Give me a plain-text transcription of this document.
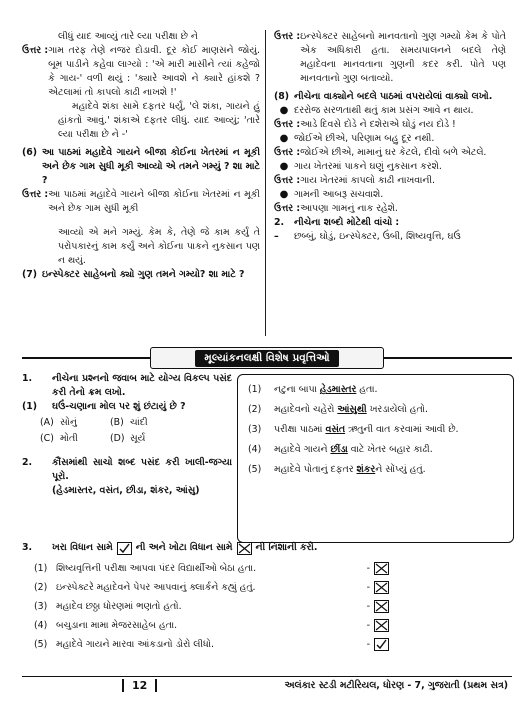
લીધું યાદ આવ્યું તારે લ્યા પરીક્ષા છે ને
ઉત્તર : ગામ તરફ તેણે નજર દોડાવી. દૂર કોઈ માણસને જોયું. બૂમ પાડીને કહેવા લાગ્યો : 'એ મારી માસીને ત્યાં કહેજો કે ગાય-' વળી થયું : 'ક્યારે આવશે ને ક્યારે હાંકશે ? એટલામાં તો કાપલો કાઢી નાખશે !'
મહાદેવે શંકા સામે દફતર ધર્યું, 'લે શંકા, ગાયને હું હાંકતો આવું.' શંકાએ દફતર લીધું. યાદ આવ્યું; 'તારે લ્યા પરીક્ષા છે ને -'
(6) આ પાઠમાં મહાદેવે ગાયને બીજા કોઈના ખેતરમાં ન મૂકી અને છેક ગામ સુધી મૂકી આવ્યો એ તમને ગમ્યું ? શા માટે ?
ઉત્તર : આ પાઠમાં મહાદેવે ગાયને બીજા કોઈના ખેતરમાં ન મૂકી અને છેક ગામ સુધી મૂકી
આવ્યો એ મને ગમ્યું. કેમ કે, તેણે જે કામ કર્યું તે પરોપકારનું કામ કર્યું અને કોઈના પાકને નુકસાન પણ ન થયું.
(7) ઇન્સ્પેક્ટર સાહેબનો ક્યો ગુણ તમને ગમ્યો? શા માટે ?
ઉત્તર : ઇન્સ્પેક્ટર સાહેબનો માનવતાનો ગુણ ગમ્યો કેમ કે પોતે એક અધિકારી હતા. સમયપાલનને બદલે તેણે મહાદેવના માનવતાના ગુણની કદર કરી. પોતે પણ માનવતાનો ગુણ બતાવ્યો.
(8) નીચેના વાક્યોને બદલે પાઠમાં વપરાયેલાં વાક્યો લખો.
● દરરોજ સરળતાથી થતું કામ પ્રસંગ આવે ન થાય.
ઉત્તર : આડે દિવસે દોડે ને દશેરાએ ઘોડું નય દોડે !
● જોઈએ છીએ, પરિણામ બહુ દૂર નથી.
ઉત્તર : જોઈએ છીએ, મામાનું ઘર કેટલે, દીવો બળે એટલે.
● ગાય ખેતરમાં પાકને ઘણું નુકસાન કરશે.
ઉત્તર : ગાય ખેતરમાં કાપલો કાઢી નાખવાની.
● ગામની આબરૂ સચવાશે.
ઉત્તર : આપણા ગામનું નાક રહેશે.
2.	નીચેના શબ્દો મોટેથી વાંચો :
–	છબ્બું, ઘોડું, ઇન્સ્પેક્ટર, ઉંબી, શિષ્યવૃત્તિ, ઘઉં
મૂલ્યાંકનલક્ષી વિશેષ પ્રવૃત્તિઓ
1.	નીચેના પ્રશ્નનો જવાબ માટે યોગ્ય વિકલ્પ પસંદ કરી તેનો ક્રમ લખો.
(1)	ઘઉં-ચણાના મોલ પર શું છંટાયું છે ?
(A) સોનું	(B) ચાંદી
(C) મોતી	(D) સૂર્ય
2.	કૌંસમાંથી સાચો શબ્દ પસંદ કરી ખાલી-જગ્યા પૂરો.
(હેડમાસ્તર, વસંત, છીડા, શંકર, આંસુ)
(1)	નટુના બાપા હેડમાસ્તર હતા.
(2)	મહાદેવનો ચહેરો આંસુથી ખરડાયેલો હતો.
(3)	પરીક્ષા પાઠમાં વસંત ઋતુની વાત કરવામાં આવી છે.
(4)	મહાદેવે ગાયને છીંડા વાટે ખેતર બહાર કાઢી.
(5)	મહાદેવે પોતાનું દફતર શંકરને સોંપ્યું હતું.
3.	ખરા વિધાન સામે ની અને ખોટા વિધાન સામે ની નિશાની કરો.
(1) શિષ્યવૃત્તિની પરીક્ષા આપવા પંદર વિદ્યાર્થીઓ બેઠા હતા.	-
(2) ઇન્સ્પેક્ટરે મહાદેવને પેપર આપવાનું ક્લાર્કને કહ્યું હતું.	-
(3) મહાદેવ છઠ્ઠા ધોરણમાં ભણતો હતો.	-
(4) બચુડાના મામા મેજરસાહેબ હતા.	-
(5) મહાદેવે ગાયને મારવા આંકડાનો ડોરો લીધો.	-
12	અલંકાર સ્ટડી મટીરિયલ, ધોરણ - 7, ગુજરાતી (પ્રથમ સત્ર)
